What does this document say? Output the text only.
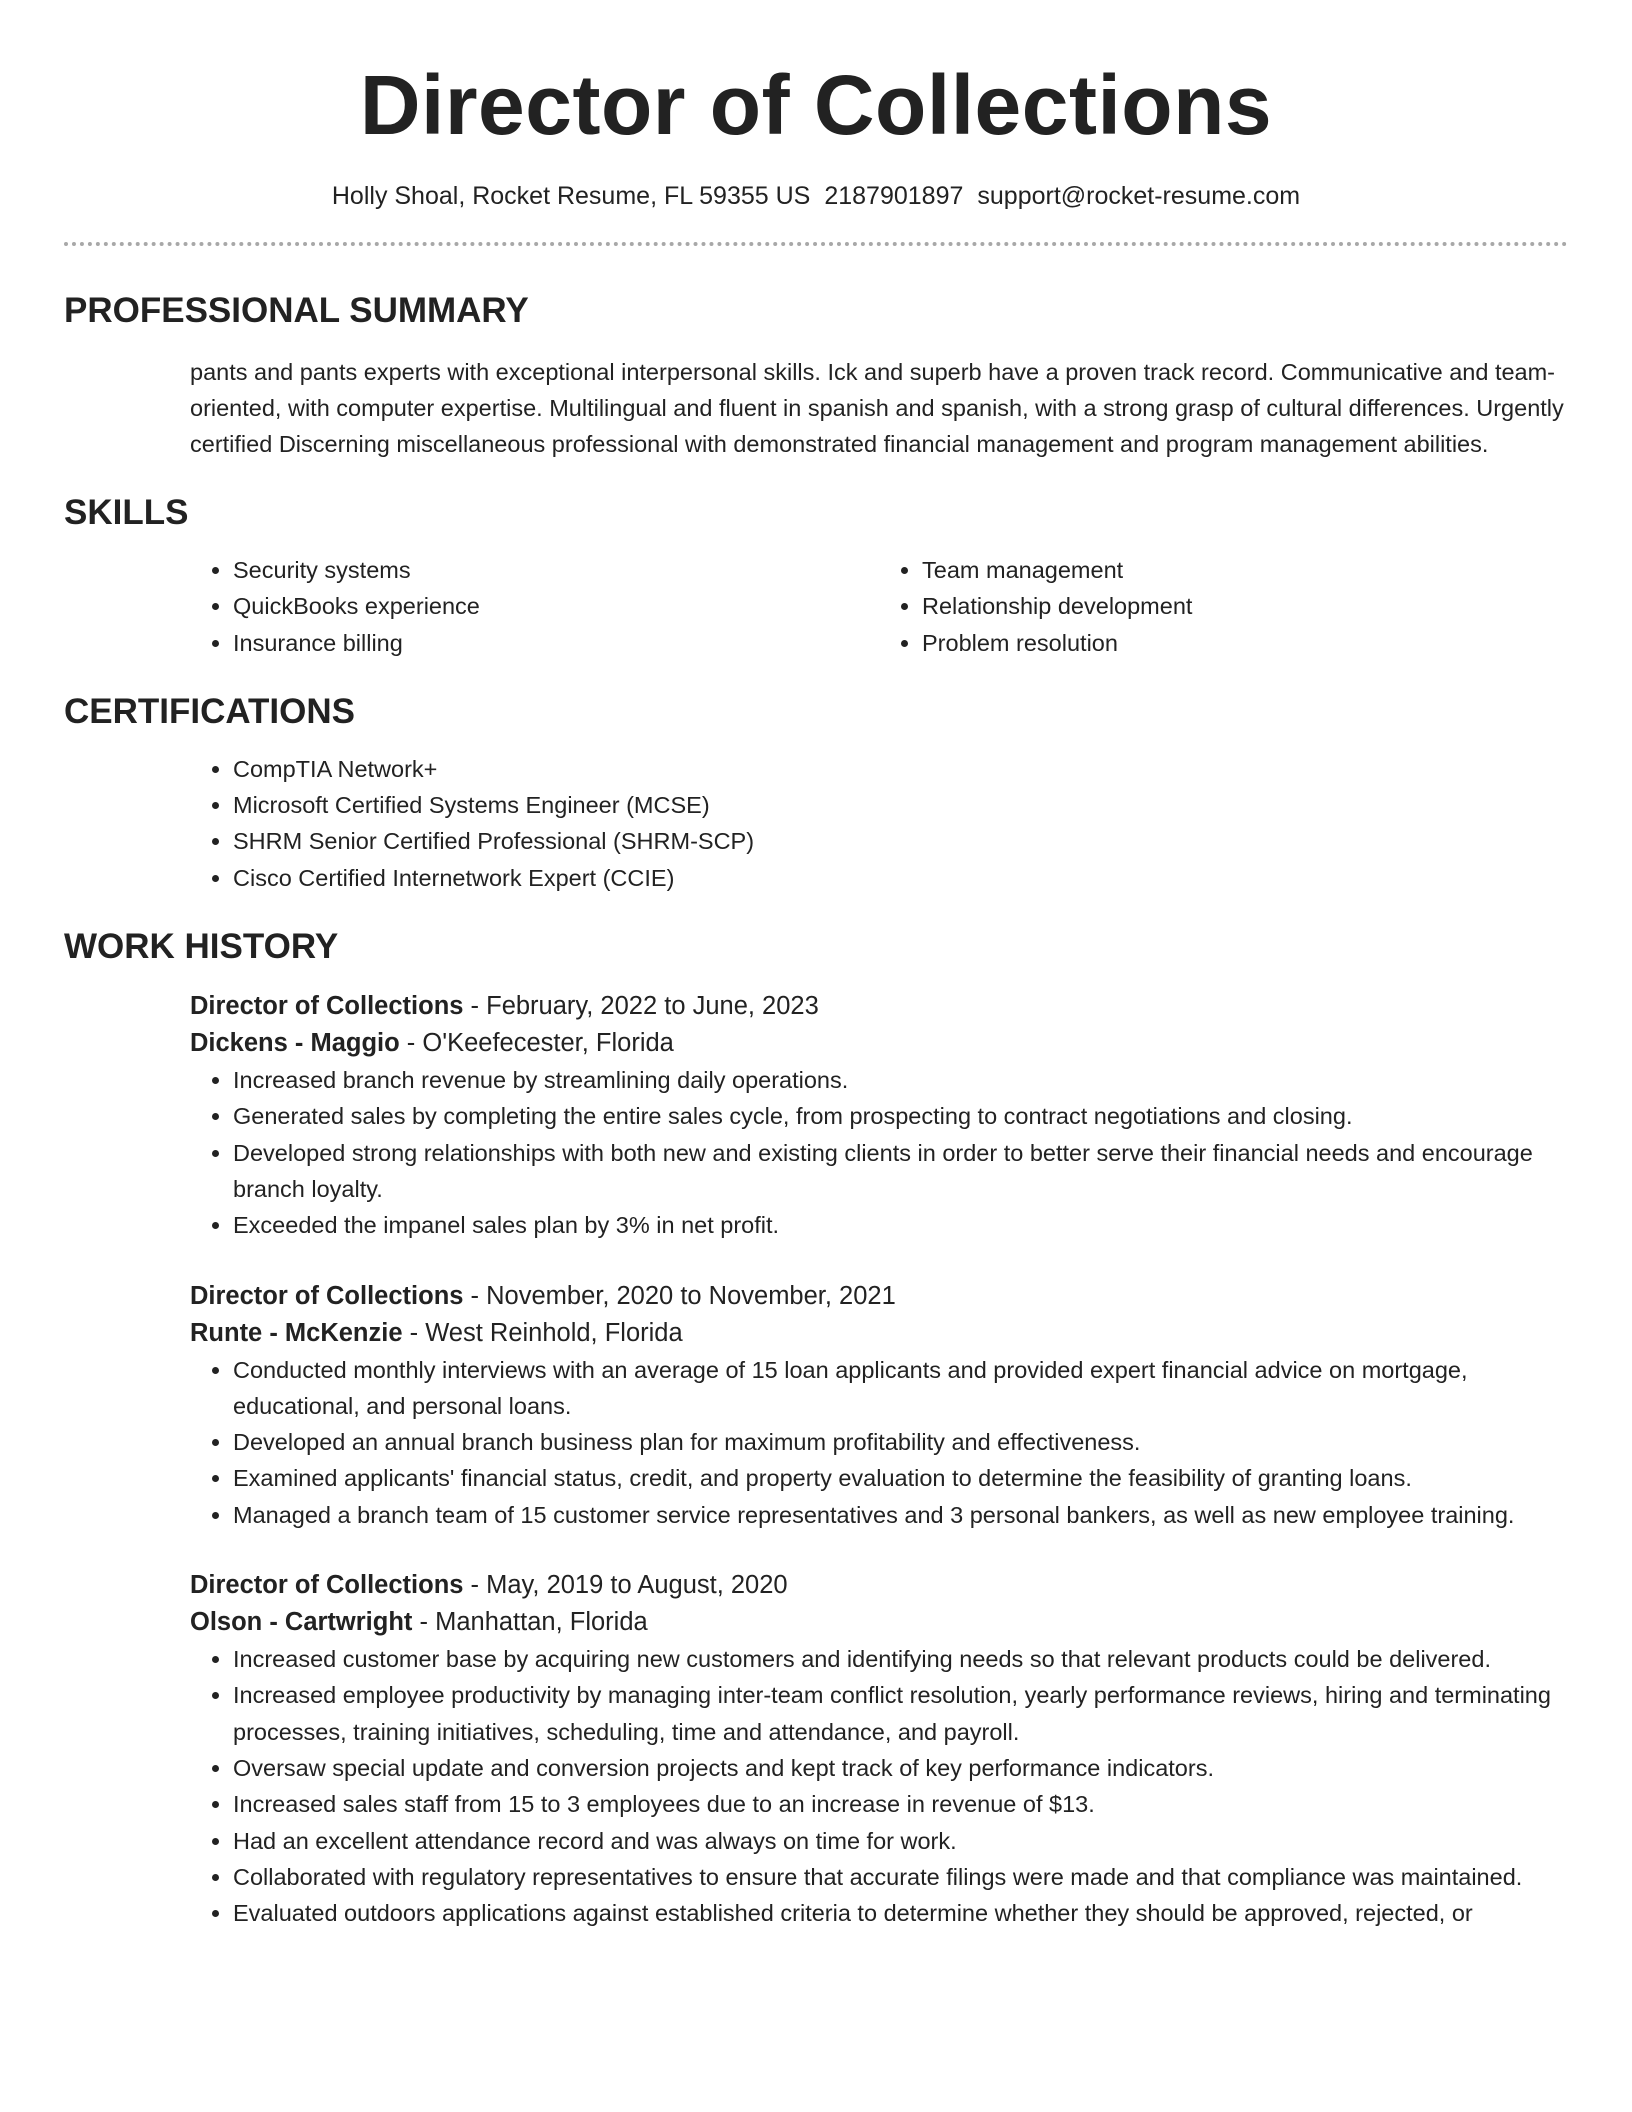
Director of Collections
Holly Shoal, Rocket Resume, FL 59355 US 2187901897 support@rocket-resume.com
PROFESSIONAL SUMMARY

pants and pants experts with exceptional interpersonal skills. Ick and superb have a proven track record. Communicative and team-oriented, with computer expertise. Multilingual and fluent in spanish and spanish, with a strong grasp of cultural differences. Urgently certified Discerning miscellaneous professional with demonstrated financial management and program management abilities.

SKILLS
• Security systems
• QuickBooks experience
• Insurance billing
• Team management
• Relationship development
• Problem resolution
CERTIFICATIONS
• CompTIA Network+
• Microsoft Certified Systems Engineer (MCSE)
• SHRM Senior Certified Professional (SHRM-SCP)
• Cisco Certified Internetwork Expert (CCIE)
WORK HISTORY
Director of Collections - February, 2022 to June, 2023
Dickens - Maggio - O'Keefecester, Florida
• Increased branch revenue by streamlining daily operations.
• Generated sales by completing the entire sales cycle, from prospecting to contract negotiations and closing.
• Developed strong relationships with both new and existing clients in order to better serve their financial needs and encourage branch loyalty.
• Exceeded the impanel sales plan by 3% in net profit.
Director of Collections - November, 2020 to November, 2021
Runte - McKenzie - West Reinhold, Florida
• Conducted monthly interviews with an average of 15 loan applicants and provided expert financial advice on mortgage, educational, and personal loans.
• Developed an annual branch business plan for maximum profitability and effectiveness.
• Examined applicants' financial status, credit, and property evaluation to determine the feasibility of granting loans.
• Managed a branch team of 15 customer service representatives and 3 personal bankers, as well as new employee training.
Director of Collections - May, 2019 to August, 2020
Olson - Cartwright - Manhattan, Florida
• Increased customer base by acquiring new customers and identifying needs so that relevant products could be delivered.
• Increased employee productivity by managing inter-team conflict resolution, yearly performance reviews, hiring and terminating processes, training initiatives, scheduling, time and attendance, and payroll.
• Oversaw special update and conversion projects and kept track of key performance indicators.
• Increased sales staff from 15 to 3 employees due to an increase in revenue of $13.
• Had an excellent attendance record and was always on time for work.
• Collaborated with regulatory representatives to ensure that accurate filings were made and that compliance was maintained.
• Evaluated outdoors applications against established criteria to determine whether they should be approved, rejected, or
